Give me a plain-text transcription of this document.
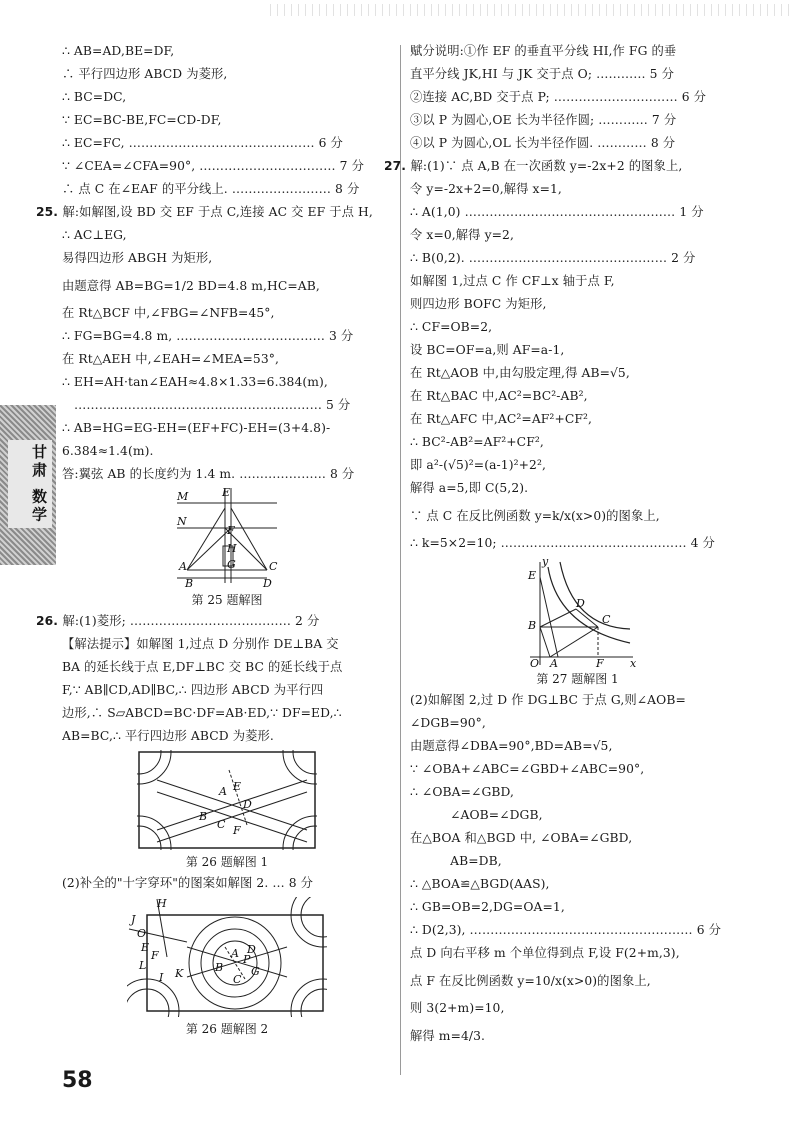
甘肃 数学
∴ AB=AD,BE=DF,
∴ 平行四边形 ABCD 为菱形,
∴ BC=DC,
∵ EC=BC-BE,FC=CD-DF,
∴ EC=FC, ……………………………………… 6 分
∵ ∠CEA=∠CFA=90°, …………………………… 7 分
∴ 点 C 在∠EAF 的平分线上. …………………… 8 分
25. 解:如解图,设 BD 交 EF 于点 C,连接 AC 交 EF 于点 H,
∴ AC⊥EG,
易得四边形 ABGH 为矩形,
由题意得 AB=BG=1/2 BD=4.8 m,HC=AB,
在 Rt△BCF 中,∠FBG=∠NFB=45°,
∴ FG=BG=4.8 m, ……………………………… 3 分
在 Rt△AEH 中,∠EAH=∠MEA=53°,
∴ EH=AH·tan∠EAH≈4.8×1.33=6.384(m),
…………………………………………………… 5 分
∴ AB=HG=EG-EH=(EF+FC)-EH=(3+4.8)-
6.384≈1.4(m).
答:翼弦 AB 的长度约为 1.4 m. ………………… 8 分
E
M
F
N
H
G
A	C
B	D
第 25 题解图
26. 解:(1)菱形; ………………………………… 2 分
【解法提示】如解图 1,过点 D 分别作 DE⊥BA 交
BA 的延长线于点 E,DF⊥BC 交 BC 的延长线于点
F,∵ AB∥CD,AD∥BC,∴ 四边形 ABCD 为平行四
边形,∴ S▱ABCD=BC·DF=AB·ED,∵ DF=ED,∴
AB=BC,∴ 平行四边形 ABCD 为菱形.
A E
D
B
C F
第 26 题解图 1
(2)补全的"十字穿环"的图案如解图 2. … 8 分
H
J
O
E
F
L
I K
A
B
P
D
C
G
第 26 题解图 2
赋分说明:①作 EF 的垂直平分线 HI,作 FG 的垂
直平分线 JK,HI 与 JK 交于点 O; ………… 5 分
②连接 AC,BD 交于点 P; ………………………… 6 分
③以 P 为圆心,OE 长为半径作圆; ………… 7 分
④以 P 为圆心,OL 长为半径作圆. ………… 8 分
27. 解:(1)∵ 点 A,B 在一次函数 y=-2x+2 的图象上,
令 y=-2x+2=0,解得 x=1,
∴ A(1,0) …………………………………………… 1 分
令 x=0,解得 y=2,
∴ B(0,2). ………………………………………… 2 分
如解图 1,过点 C 作 CF⊥x 轴于点 F,
则四边形 BOFC 为矩形,
∴ CF=OB=2,
设 BC=OF=a,则 AF=a-1,
在 Rt△AOB 中,由勾股定理,得 AB=√5,
在 Rt△BAC 中,AC²=BC²-AB²,
在 Rt△AFC 中,AC²=AF²+CF²,
∴ BC²-AB²=AF²+CF²,
即 a²-(√5)²=(a-1)²+2²,
解得 a=5,即 C(5,2).
∵ 点 C 在反比例函数 y=k/x(x>0)的图象上,
∴ k=5×2=10; ……………………………………… 4 分
y
E
B
D
C
O A	F x
第 27 题解图 1
(2)如解图 2,过 D 作 DG⊥BC 于点 G,则∠AOB=
∠DGB=90°,
由题意得∠DBA=90°,BD=AB=√5,
∵ ∠OBA+∠ABC=∠GBD+∠ABC=90°,
∴ ∠OBA=∠GBD,
∠AOB=∠DGB,
在△BOA 和△BGD 中, ∠OBA=∠GBD,
AB=DB,
∴ △BOA≌△BGD(AAS),
∴ GB=OB=2,DG=OA=1,
∴ D(2,3), ……………………………………………… 6 分
点 D 向右平移 m 个单位得到点 F,设 F(2+m,3),
点 F 在反比例函数 y=10/x(x>0)的图象上,
则 3(2+m)=10,
解得 m=4/3.
58
